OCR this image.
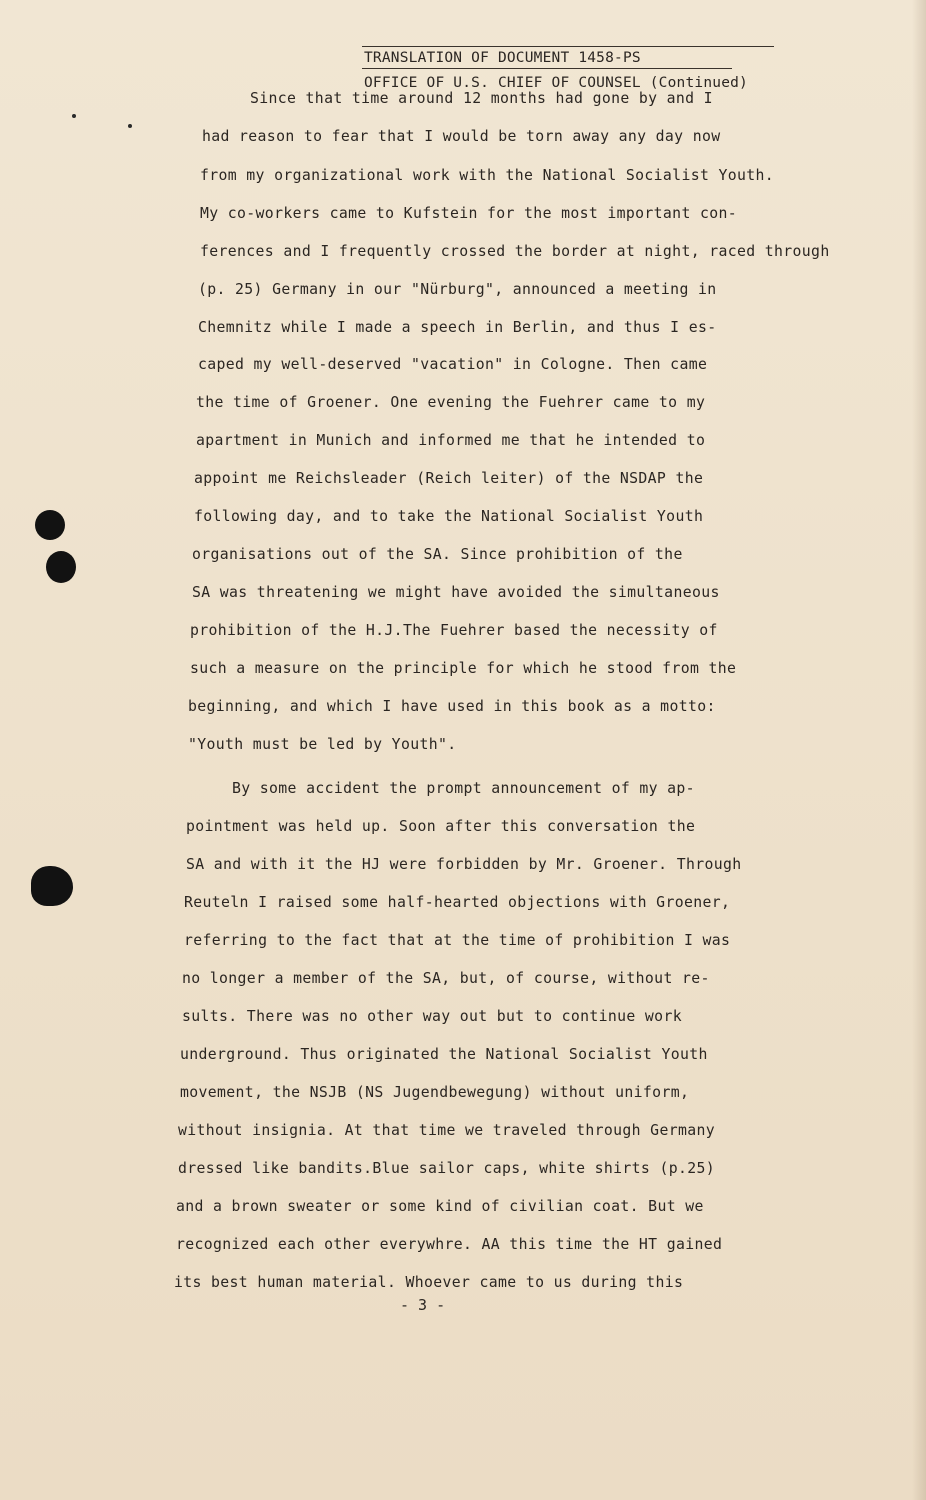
TRANSLATION OF DOCUMENT 1458-PS
OFFICE OF U.S. CHIEF OF COUNSEL (Continued)
Since that time around 12 months had gone by and I
had reason to fear that I would be torn away any day now
from my organizational work with the National Socialist Youth.
My co-workers came to Kufstein for the most important con-
ferences and I frequently crossed the border at night, raced through
(p. 25) Germany in our "Nürburg", announced a meeting in
Chemnitz while I made a speech in Berlin, and thus I es-
caped my well-deserved "vacation" in Cologne. Then came
the time of Groener. One evening the Fuehrer came to my
apartment in Munich and informed me that he intended to
appoint me Reichsleader (Reich leiter) of the NSDAP the
following day, and to take the National Socialist Youth
organisations out of the SA. Since prohibition of the
SA was threatening we might have avoided the simultaneous
prohibition of the H.J.The Fuehrer based the necessity of
such a measure on the principle for which he stood from the
beginning, and which I have used in this book as a motto:
"Youth must be led by Youth".
By some accident the prompt announcement of my ap-
pointment was held up. Soon after this conversation the
SA and with it the HJ were forbidden by Mr. Groener. Through
Reuteln I raised some half-hearted objections with Groener,
referring to the fact that at the time of prohibition I was
no longer a member of the SA, but, of course, without re-
sults. There was no other way out but to continue work
underground. Thus originated the National Socialist Youth
movement, the NSJB (NS Jugendbewegung) without uniform,
without insignia. At that time we traveled through Germany
dressed like bandits.Blue sailor caps, white shirts (p.25)
and a brown sweater or some kind of civilian coat. But we
recognized each other everywhre. AA this time the HT gained
its best human material. Whoever came to us during this
- 3 -
